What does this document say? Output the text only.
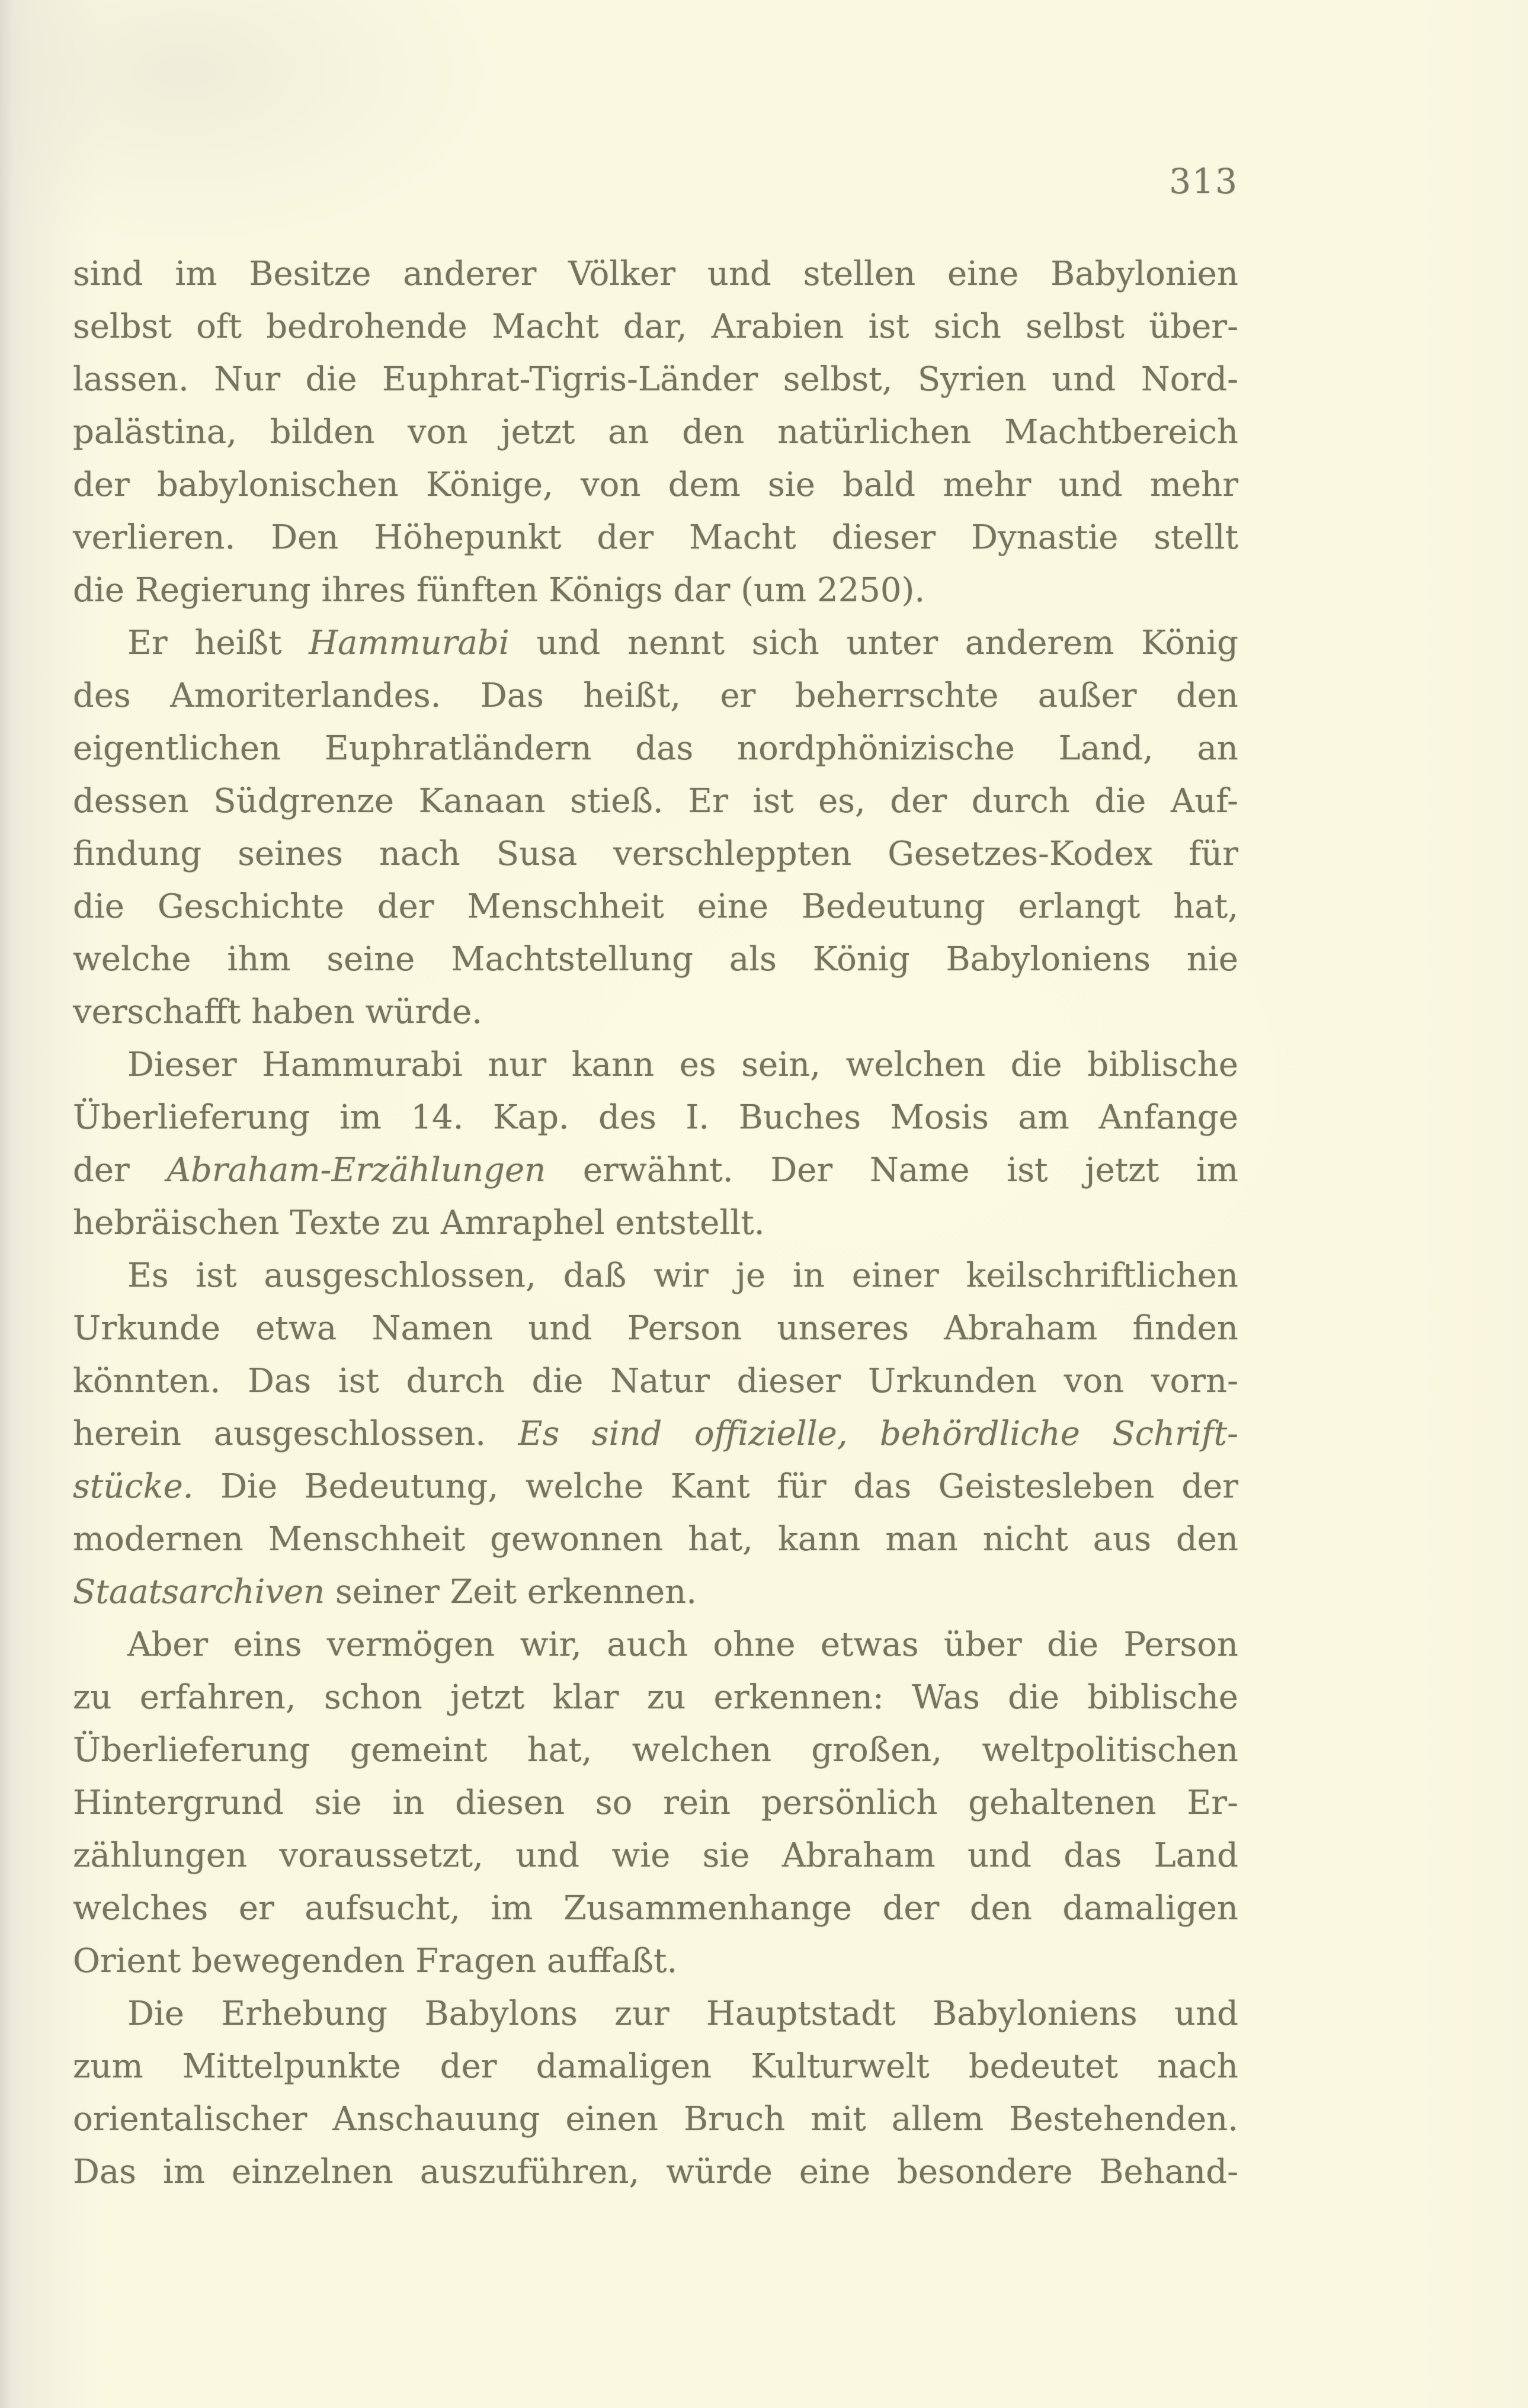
313
sind im Besitze anderer Völker und stellen eine Babylonien
selbst oft bedrohende Macht dar, Arabien ist sich selbst über-
lassen. Nur die Euphrat-Tigris-Länder selbst, Syrien und Nord-
palästina, bilden von jetzt an den natürlichen Machtbereich
der babylonischen Könige, von dem sie bald mehr und mehr
verlieren. Den Höhepunkt der Macht dieser Dynastie stellt
die Regierung ihres fünften Königs dar (um 2250).
Er heißt Hammurabi und nennt sich unter anderem König
des Amoriterlandes. Das heißt, er beherrschte außer den
eigentlichen Euphratländern das nordphönizische Land, an
dessen Südgrenze Kanaan stieß. Er ist es, der durch die Auf-
findung seines nach Susa verschleppten Gesetzes-Kodex für
die Geschichte der Menschheit eine Bedeutung erlangt hat,
welche ihm seine Machtstellung als König Babyloniens nie
verschafft haben würde.
Dieser Hammurabi nur kann es sein, welchen die biblische
Überlieferung im 14. Kap. des I. Buches Mosis am Anfange
der Abraham-Erzählungen erwähnt. Der Name ist jetzt im
hebräischen Texte zu Amraphel entstellt.
Es ist ausgeschlossen, daß wir je in einer keilschriftlichen
Urkunde etwa Namen und Person unseres Abraham finden
könnten. Das ist durch die Natur dieser Urkunden von vorn-
herein ausgeschlossen. Es sind offizielle, behördliche Schrift-
stücke. Die Bedeutung, welche Kant für das Geistesleben der
modernen Menschheit gewonnen hat, kann man nicht aus den
Staatsarchiven seiner Zeit erkennen.
Aber eins vermögen wir, auch ohne etwas über die Person
zu erfahren, schon jetzt klar zu erkennen: Was die biblische
Überlieferung gemeint hat, welchen großen, weltpolitischen
Hintergrund sie in diesen so rein persönlich gehaltenen Er-
zählungen voraussetzt, und wie sie Abraham und das Land
welches er aufsucht, im Zusammenhange der den damaligen
Orient bewegenden Fragen auffaßt.
Die Erhebung Babylons zur Hauptstadt Babyloniens und
zum Mittelpunkte der damaligen Kulturwelt bedeutet nach
orientalischer Anschauung einen Bruch mit allem Bestehenden.
Das im einzelnen auszuführen, würde eine besondere Behand-
